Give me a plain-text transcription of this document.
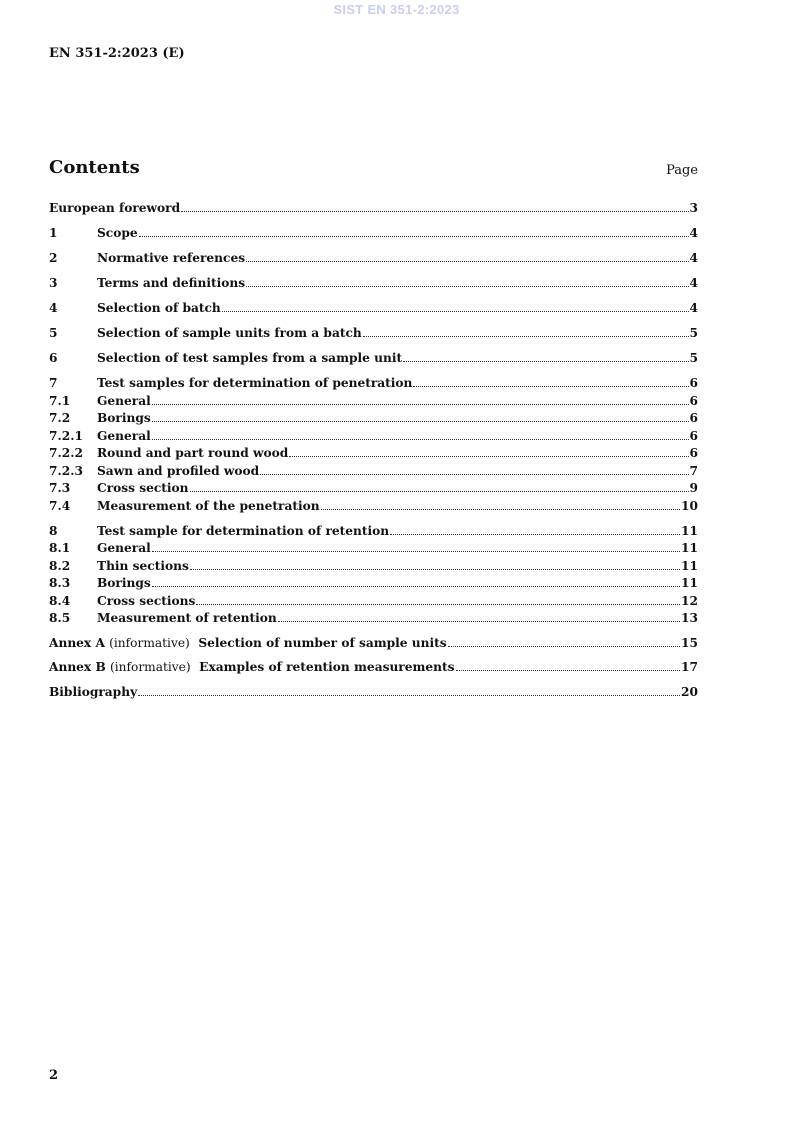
SIST EN 351-2:2023
EN 351-2:2023 (E)
Contents	Page
European foreword	3
1	Scope	4
2	Normative references	4
3	Terms and definitions	4
4	Selection of batch	4
5	Selection of sample units from a batch	5
6	Selection of test samples from a sample unit	5
7	Test samples for determination of penetration	6
7.1	General	6
7.2	Borings	6
7.2.1	General	6
7.2.2	Round and part round wood	6
7.2.3	Sawn and profiled wood	7
7.3	Cross section	9
7.4	Measurement of the penetration	10
8	Test sample for determination of retention	11
8.1	General	11
8.2	Thin sections	11
8.3	Borings	11
8.4	Cross sections	12
8.5	Measurement of retention	13
Annex A (informative) Selection of number of sample units	15
Annex B (informative) Examples of retention measurements	17
Bibliography	20
2
